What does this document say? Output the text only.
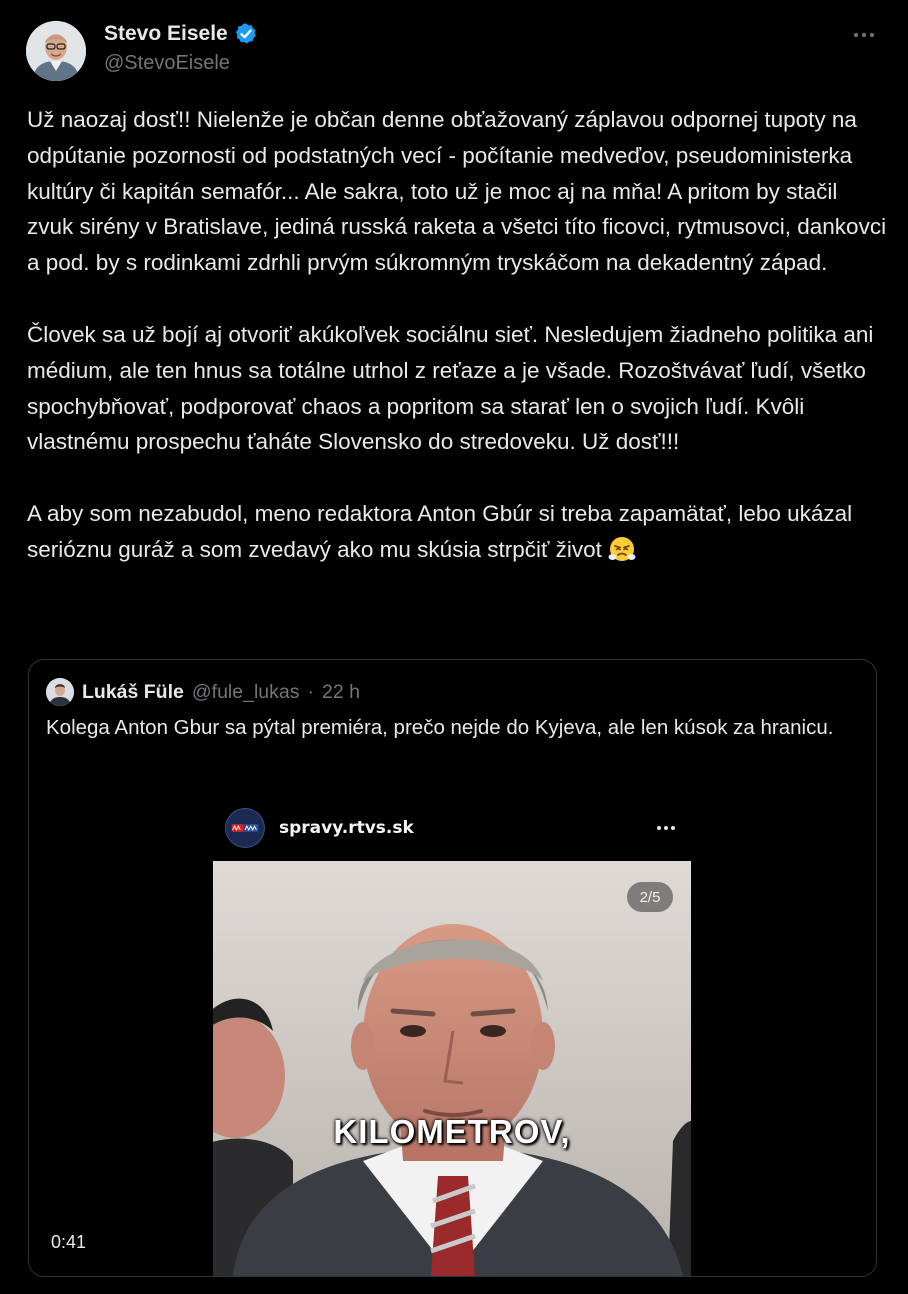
Stevo Eisele
@StevoEisele

Už naozaj dosť!! Nielenže je občan denne obťažovaný záplavou odpornej tupoty na odpútanie pozornosti od podstatných vecí - počítanie medveďov, pseudoministerka kultúry či kapitán semafór... Ale sakra, toto už je moc aj na mňa! A pritom by stačil zvuk sirény v Bratislave, jediná russká raketa a všetci títo ficovci, rytmusovci, dankovci a pod. by s rodinkami zdrhli prvým súkromným tryskáčom na dekadentný západ.

Človek sa už bojí aj otvoriť akúkoľvek sociálnu sieť. Nesledujem žiadneho politika ani médium, ale ten hnus sa totálne utrhol z reťaze a je všade. Rozoštvávať ľudí, všetko spochybňovať, podporovať chaos a popritom sa starať len o svojich ľudí. Kvôli vlastnému prospechu ťaháte Slovensko do stredoveku. Už dosť!!!

A aby som nezabudol, meno redaktora Anton Gbúr si treba zapamätať, lebo ukázal serióznu guráž a som zvedavý ako mu skúsia strpčiť život

Lukáš Füle @fule_lukas · 22 h
Kolega Anton Gbur sa pýtal premiéra, prečo nejde do Kyjeva, ale len kúsok za hranicu.
spravy.rtvs.sk
2/5
KILOMETROV,
0:41
